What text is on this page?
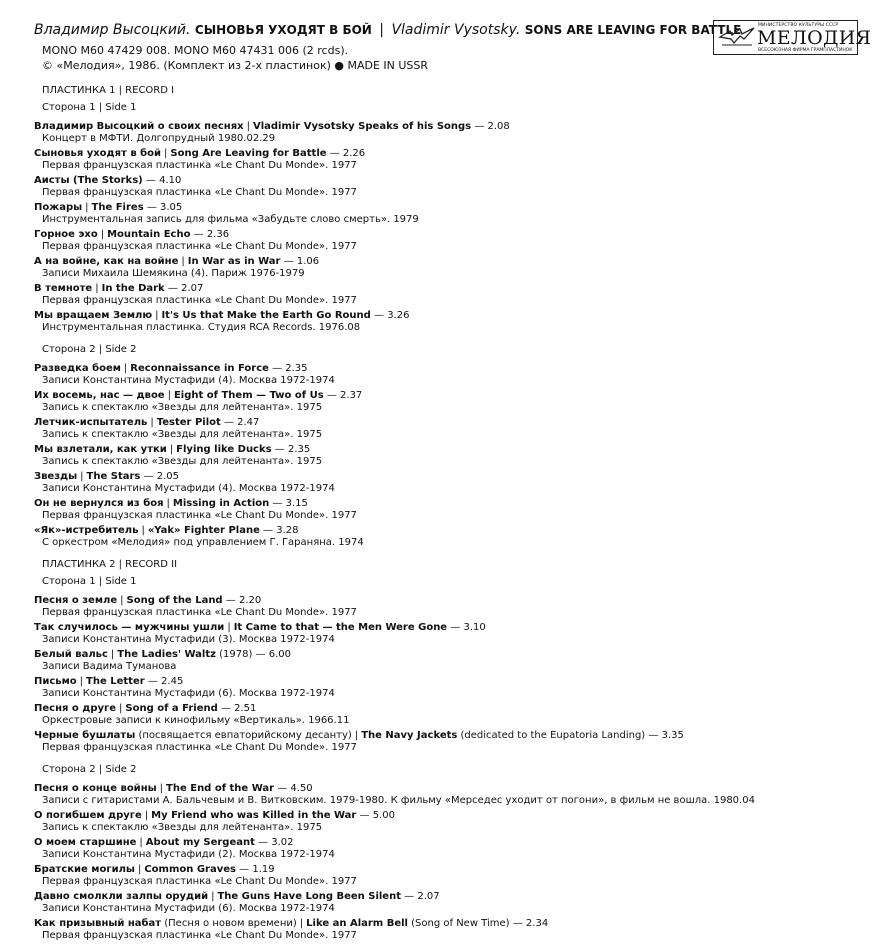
Владимир Высоцкий. СЫНОВЬЯ УХОДЯТ В БОЙ | Vladimir Vysotsky. SONS ARE LEAVING FOR BATTLE
MONO М60 47429 008. MONO M60 47431 006 (2 rcds).
© «Мелодия», 1986. (Комплект из 2-х пластинок) ● MADE IN USSR
МИНИСТЕРСТВО КУЛЬТУРЫ СССР
МЕЛОДИЯ
ВСЕСОЮЗНАЯ ФИРМА ГРАМПЛАСТИНОК
ПЛАСТИНКА 1 | RECORD I
Сторона 1 | Side 1
Владимир Высоцкий о своих песнях | Vladimir Vysotsky Speaks of his Songs — 2.08
Концерт в МФТИ. Долгопрудный 1980.02.29
Сыновья уходят в бой | Song Are Leaving for Battle — 2.26
Первая французская пластинка «Le Chant Du Monde». 1977
Аисты (The Storks) — 4.10
Первая французская пластинка «Le Chant Du Monde». 1977
Пожары | The Fires — 3.05
Инструментальная запись для фильма «Забудьте слово смерть». 1979
Горное эхо | Mountain Echo — 2.36
Первая французская пластинка «Le Chant Du Monde». 1977
А на войне, как на войне | In War as in War — 1.06
Записи Михаила Шемякина (4). Париж 1976-1979
В темноте | In the Dark — 2.07
Первая французская пластинка «Le Chant Du Monde». 1977
Мы вращаем Землю | It's Us that Make the Earth Go Round — 3.26
Инструментальная пластинка. Студия RCA Records. 1976.08
Сторона 2 | Side 2
Разведка боем | Reconnaissance in Force — 2.35
Записи Константина Мустафиди (4). Москва 1972-1974
Их восемь, нас — двое | Eight of Them — Two of Us — 2.37
Запись к спектаклю «Звезды для лейтенанта». 1975
Летчик-испытатель | Tester Pilot — 2.47
Запись к спектаклю «Звезды для лейтенанта». 1975
Мы взлетали, как утки | Flying like Ducks — 2.35
Запись к спектаклю «Звезды для лейтенанта». 1975
Звезды | The Stars — 2.05
Записи Константина Мустафиди (4). Москва 1972-1974
Он не вернулся из боя | Missing in Action — 3.15
Первая французская пластинка «Le Chant Du Monde». 1977
«Як»-истребитель | «Yak» Fighter Plane — 3.28
С оркестром «Мелодия» под управлением Г. Гараняна. 1974
ПЛАСТИНКА 2 | RECORD II
Сторона 1 | Side 1
Песня о земле | Song of the Land — 2.20
Первая французская пластинка «Le Chant Du Monde». 1977
Так случилось — мужчины ушли | It Came to that — the Men Were Gone — 3.10
Записи Константина Мустафиди (3). Москва 1972-1974
Белый вальс | The Ladies' Waltz (1978) — 6.00
Записи Вадима Туманова
Письмо | The Letter — 2.45
Записи Константина Мустафиди (6). Москва 1972-1974
Песня о друге | Song of a Friend — 2.51
Оркестровые записи к кинофильму «Вертикаль». 1966.11
Черные бушлаты (посвящается евпаторийскому десанту) | The Navy Jackets (dedicated to the Eupatoria Landing) — 3.35
Первая французская пластинка «Le Chant Du Monde». 1977
Сторона 2 | Side 2
Песня о конце войны | The End of the War — 4.50
Записи с гитаристами А. Бальчевым и В. Витковским. 1979-1980. К фильму «Мерседес уходит от погони», в фильм не вошла. 1980.04
О погибшем друге | My Friend who was Killed in the War — 5.00
Запись к спектаклю «Звезды для лейтенанта». 1975
О моем старшине | About my Sergeant — 3.02
Записи Константина Мустафиди (2). Москва 1972-1974
Братские могилы | Common Graves — 1.19
Первая французская пластинка «Le Chant Du Monde». 1977
Давно смолкли залпы орудий | The Guns Have Long Been Silent — 2.07
Записи Константина Мустафиди (6). Москва 1972-1974
Как призывный набат (Песня о новом времени) | Like an Alarm Bell (Song of New Time) — 2.34
Первая французская пластинка «Le Chant Du Monde». 1977
